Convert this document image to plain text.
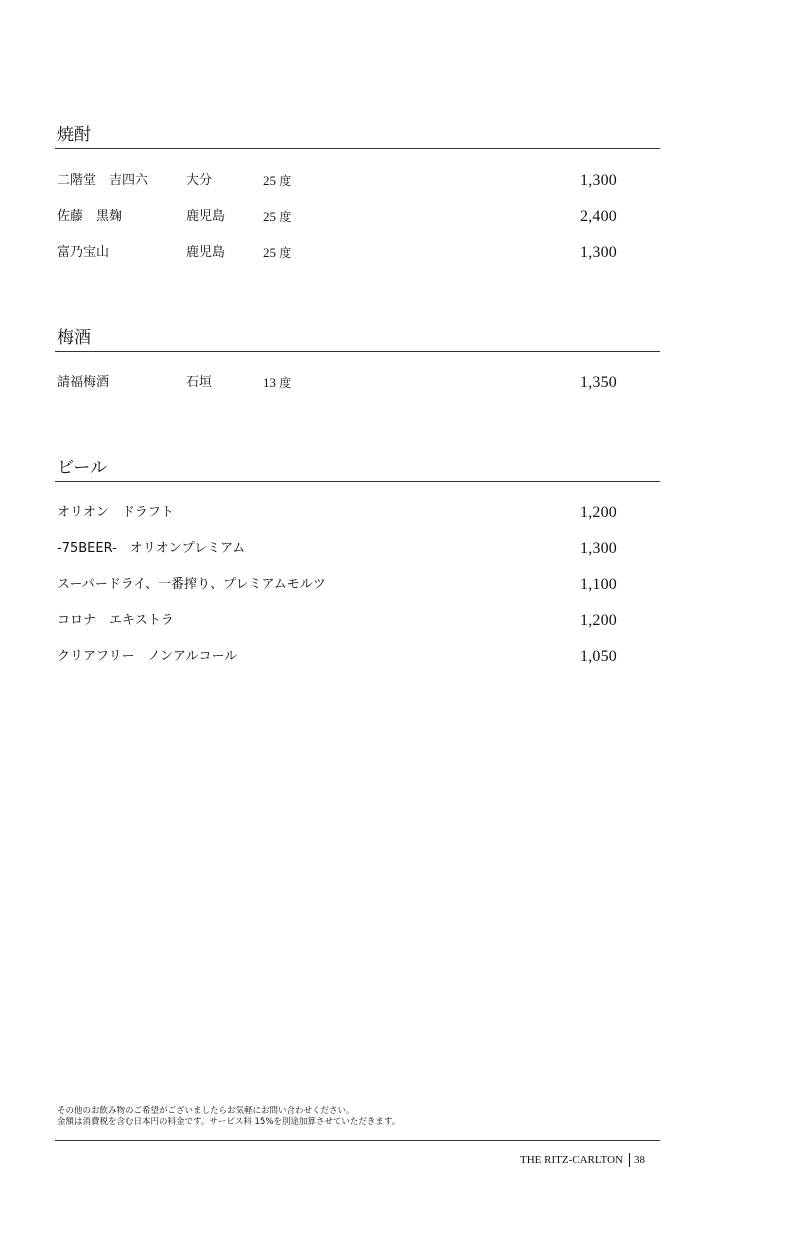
焼酎
二階堂　吉四六	大分	25 度	1,300
佐藤　黒麹	鹿児島	25 度	2,400
富乃宝山	鹿児島	25 度	1,300
梅酒
請福梅酒	石垣	13 度	1,350
ビール
オリオン　ドラフト	1,200
-75BEER-　オリオンプレミアム	1,300
スーパードライ、一番搾り、プレミアムモルツ	1,100
コロナ　エキストラ	1,200
クリアフリー　ノンアルコール	1,050
その他のお飲み物のご希望がございましたらお気軽にお問い合わせください。
金額は消費税を含む日本円の料金です。サービス料 15%を別途加算させていただきます。
THE RITZ-CARLTON 38
